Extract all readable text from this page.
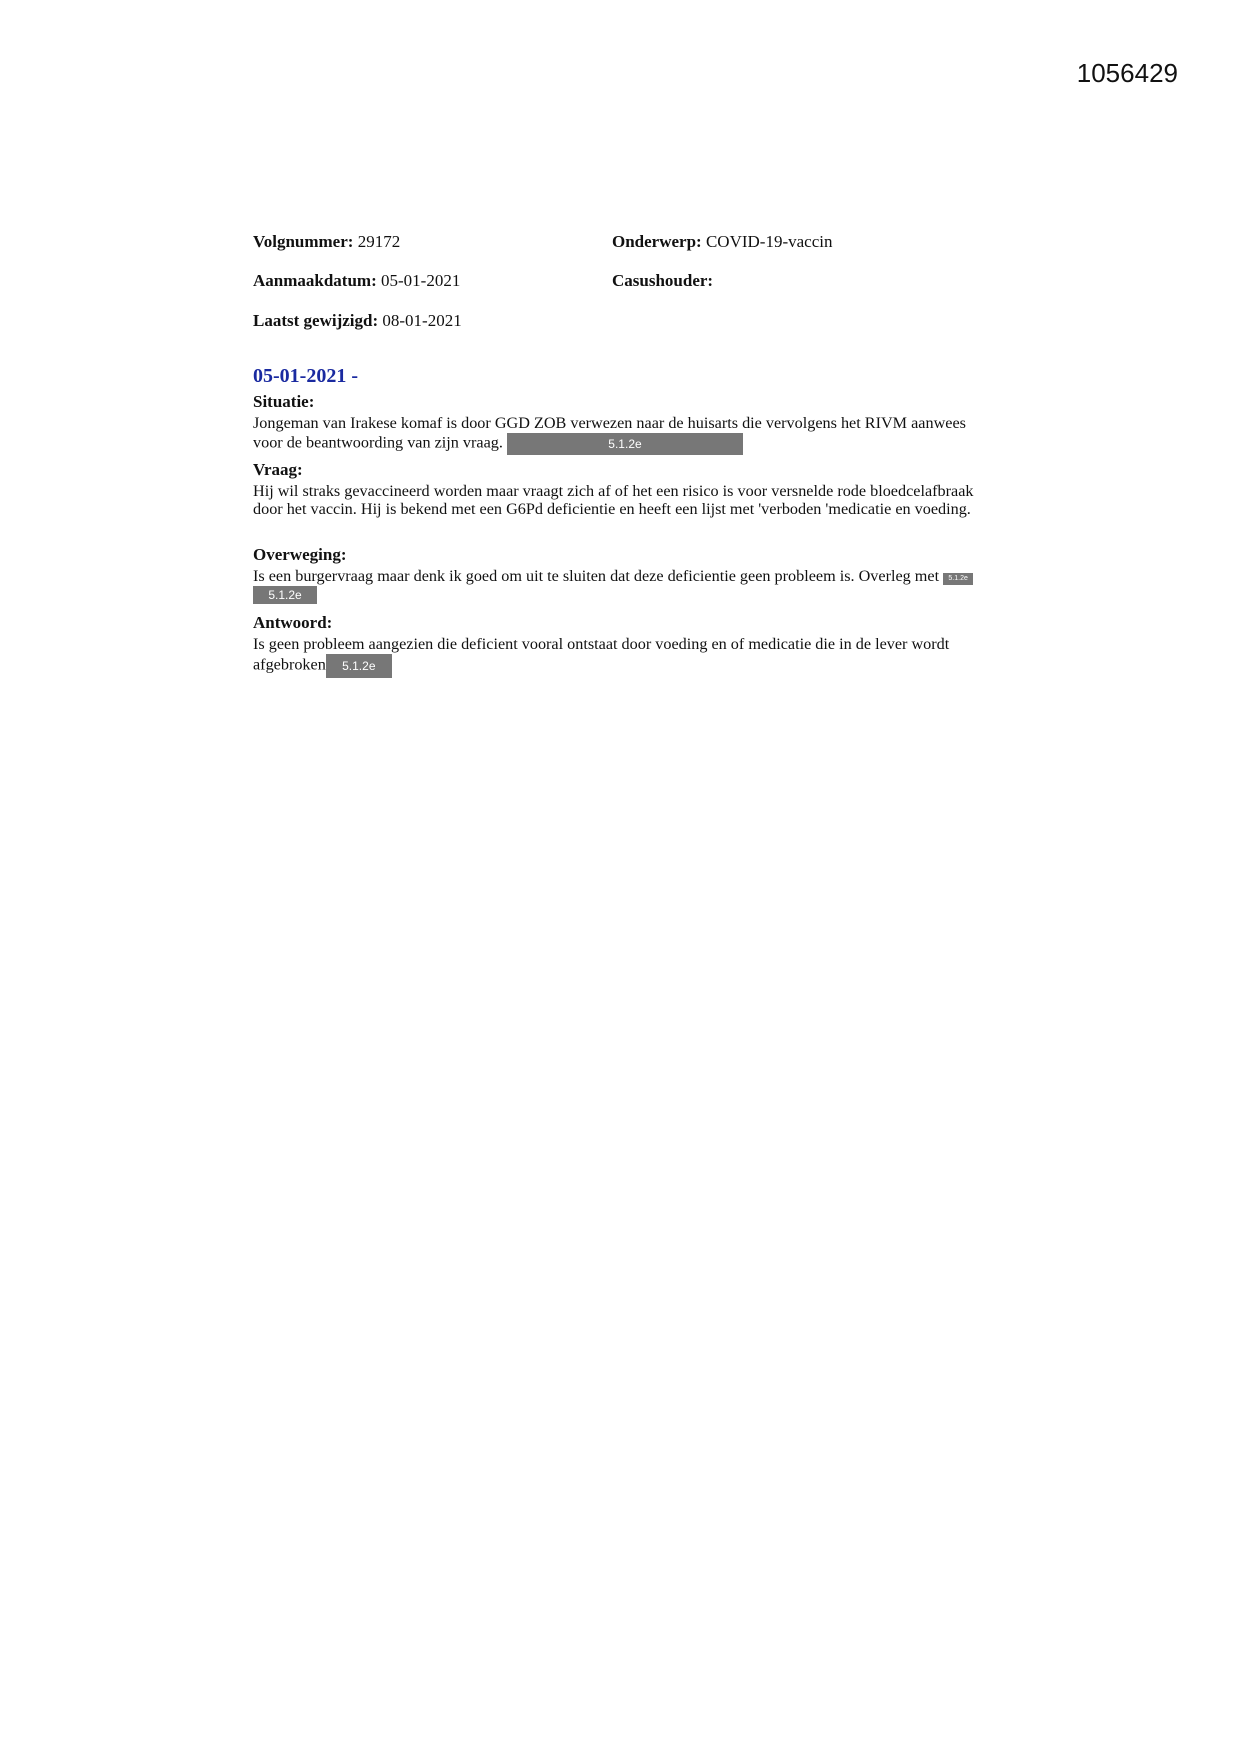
1056429
Volgnummer: 29172	Onderwerp: COVID-19-vaccin
Aanmaakdatum: 05-01-2021	Casushouder:
Laatst gewijzigd: 08-01-2021
05-01-2021 -

Situatie:

Jongeman van Irakese komaf is door GGD ZOB verwezen naar de huisarts die vervolgens het RIVM aanwees voor de beantwoording van zijn vraag.	5.1.2e

Vraag:

Hij wil straks gevaccineerd worden maar vraagt zich af of het een risico is voor versnelde rode bloedcelafbraak door het vaccin. Hij is bekend met een G6Pd deficientie en heeft een lijst met 'verboden 'medicatie en voeding.

Overweging:

Is een burgervraag maar denk ik goed om uit te sluiten dat deze deficientie geen probleem is. Overleg met 5.1.2e 5.1.2e

Antwoord:

Is geen probleem aangezien die deficient vooral ontstaat door voeding en of medicatie die in de lever wordt afgebroken 5.1.2e
